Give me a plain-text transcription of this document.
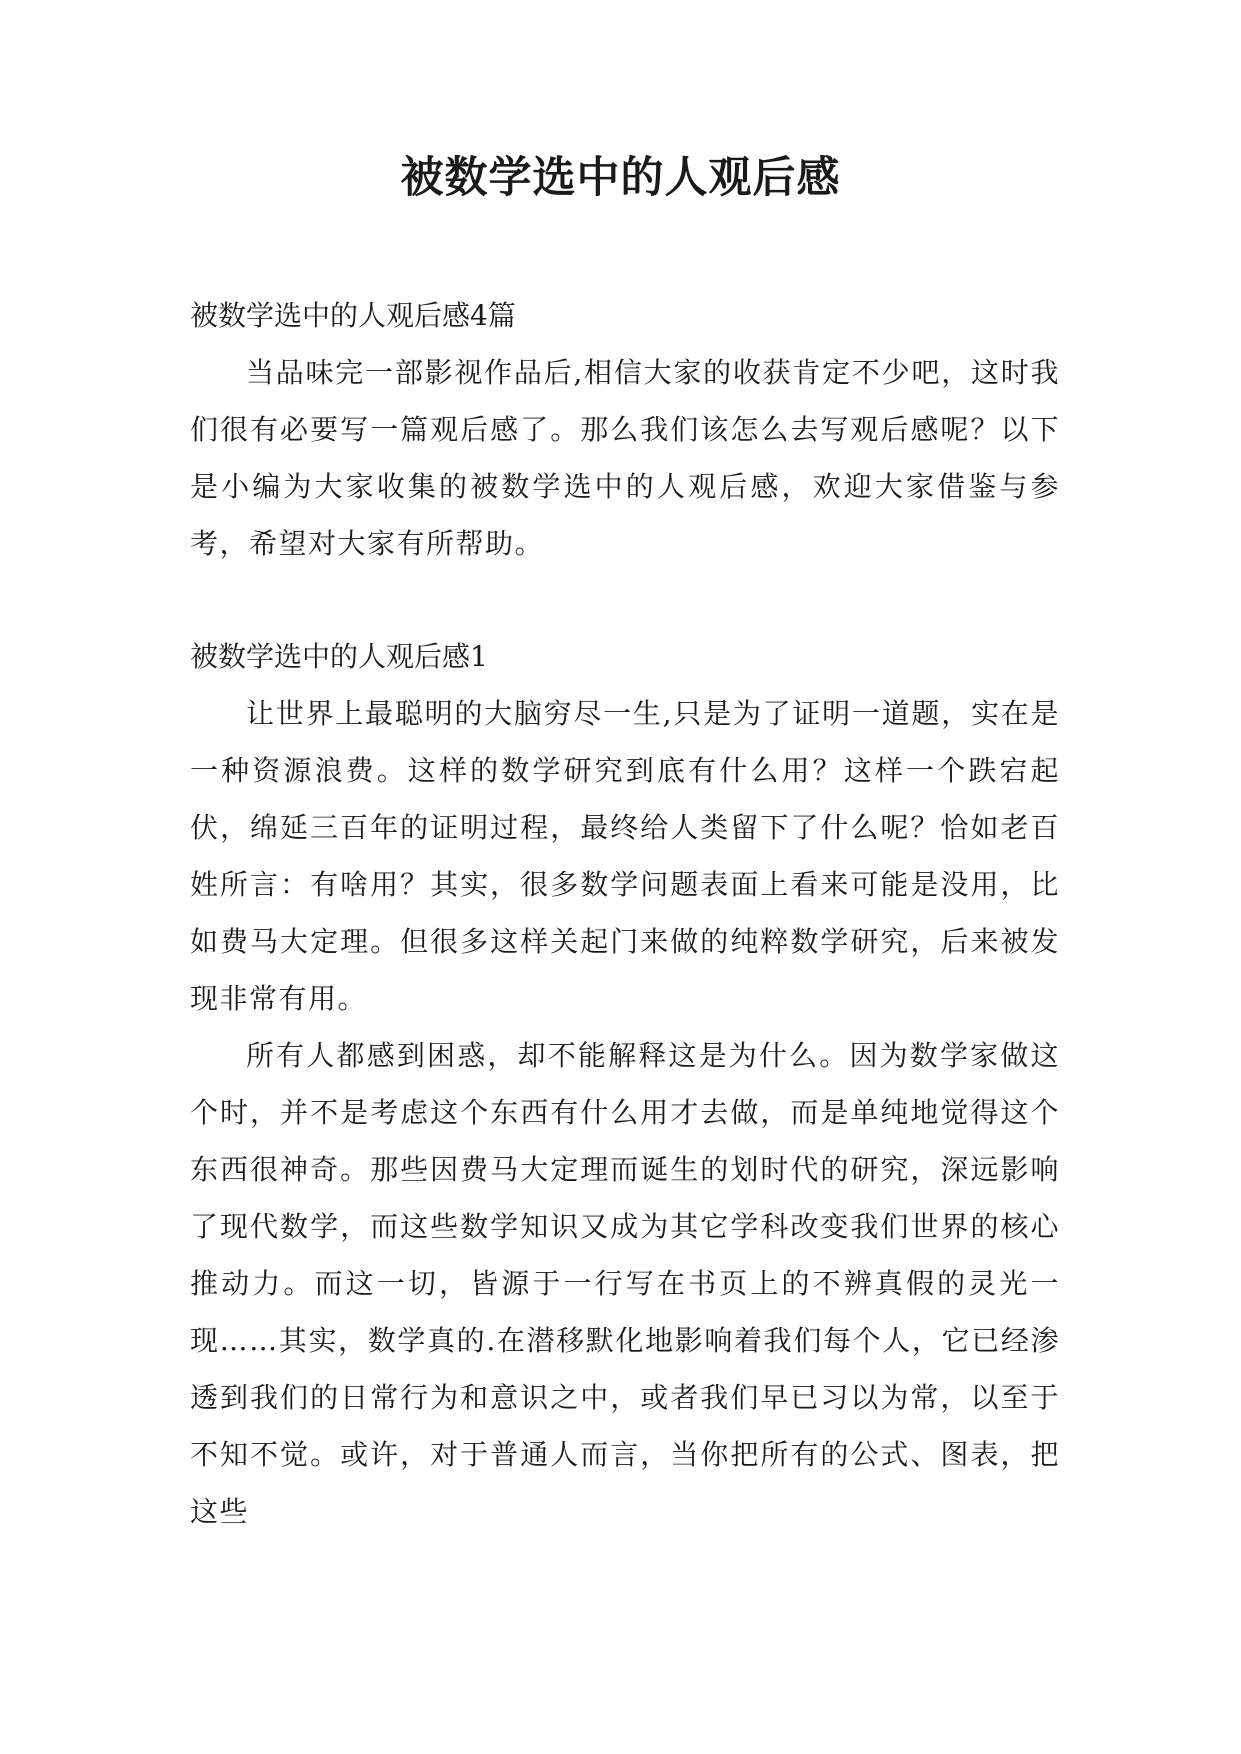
被数学选中的人观后感

被数学选中的人观后感4篇

当品味完一部影视作品后,相信大家的收获肯定不少吧，这时我们很有必要写一篇观后感了。那么我们该怎么去写观后感呢？以下是小编为大家收集的被数学选中的人观后感，欢迎大家借鉴与参考，希望对大家有所帮助。

被数学选中的人观后感1

让世界上最聪明的大脑穷尽一生,只是为了证明一道题，实在是一种资源浪费。这样的数学研究到底有什么用？这样一个跌宕起伏，绵延三百年的证明过程，最终给人类留下了什么呢？恰如老百姓所言：有啥用？其实，很多数学问题表面上看来可能是没用，比如费马大定理。但很多这样关起门来做的纯粹数学研究，后来被发现非常有用。

所有人都感到困惑，却不能解释这是为什么。因为数学家做这个时，并不是考虑这个东西有什么用才去做，而是单纯地觉得这个东西很神奇。那些因费马大定理而诞生的划时代的研究，深远影响了现代数学，而这些数学知识又成为其它学科改变我们世界的核心推动力。而这一切，皆源于一行写在书页上的不辨真假的灵光一现……其实，数学真的.在潜移默化地影响着我们每个人，它已经渗透到我们的日常行为和意识之中，或者我们早已习以为常，以至于不知不觉。或许，对于普通人而言，当你把所有的公式、图表，把这些
